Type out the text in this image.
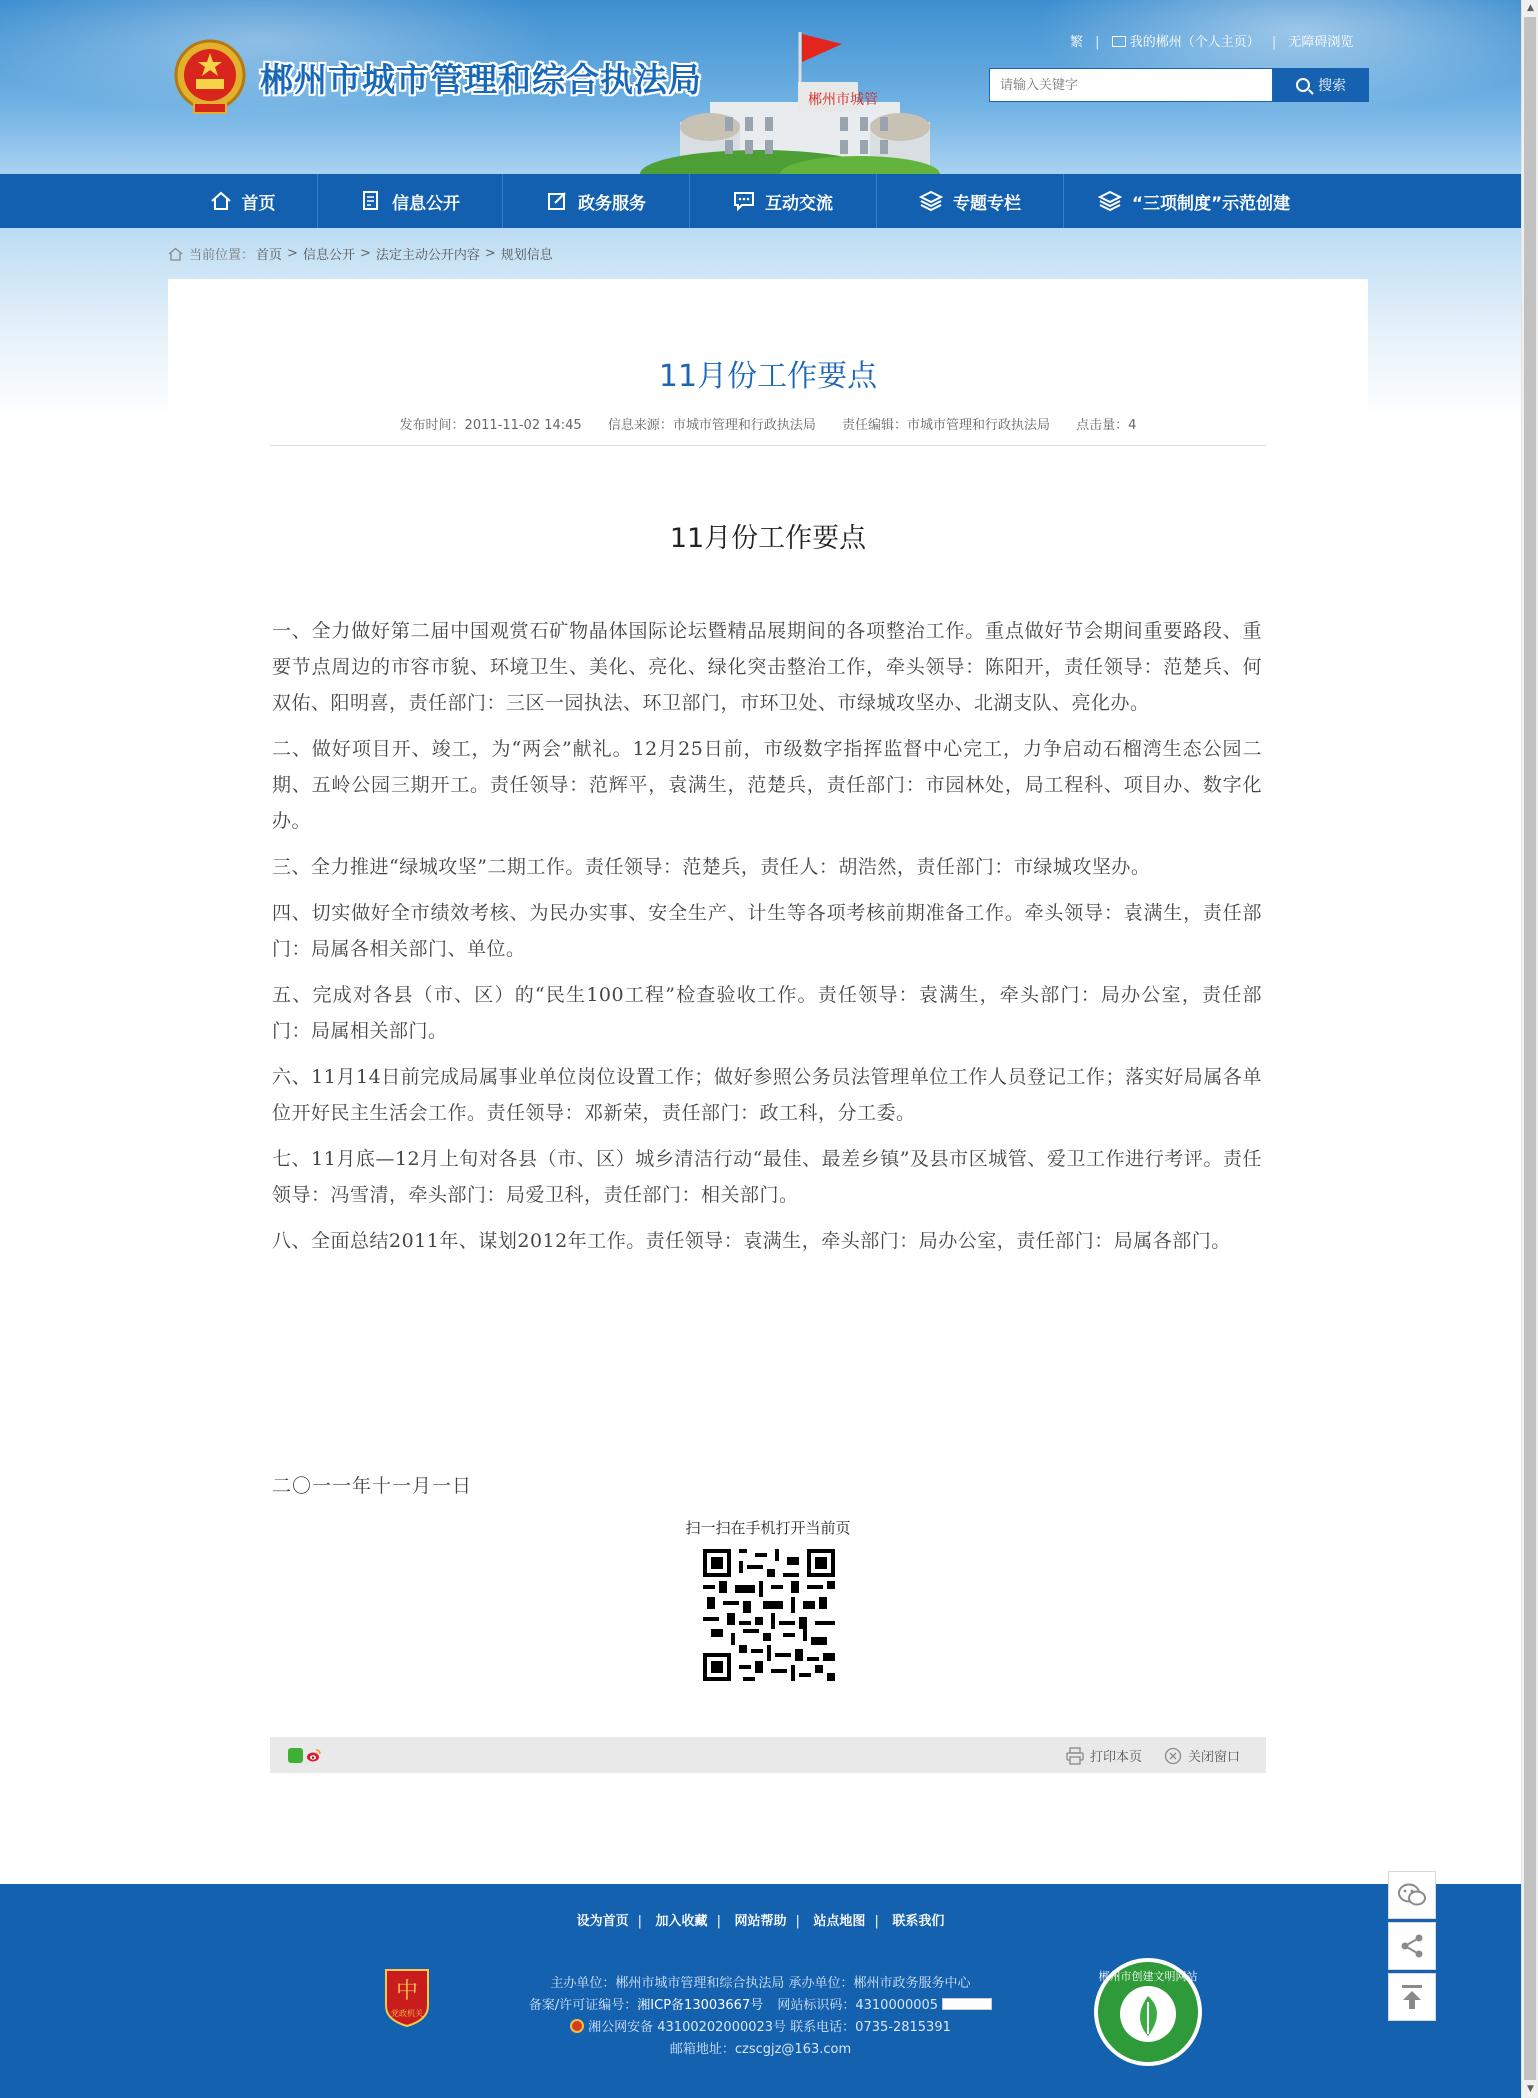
郴州市城市管理和综合执法局
郴州市城管
繁 | 我的郴州（个人主页） | 无障碍浏览
请输入关键字
搜索
首页	信息公开	政务服务	互动交流	专题专栏	“三项制度”示范创建
当前位置： 首页 > 信息公开 > 法定主动公开内容 > 规划信息
11月份工作要点
发布时间：2011-11-02 14:45 信息来源：市城市管理和行政执法局 责任编辑：市城市管理和行政执法局 点击量：4
11月份工作要点

一、全力做好第二届中国观赏石矿物晶体国际论坛暨精品展期间的各项整治工作。重点做好节会期间重要路段、重要节点周边的市容市貌、环境卫生、美化、亮化、绿化突击整治工作，牵头领导：陈阳开，责任领导：范楚兵、何双佑、阳明喜，责任部门：三区一园执法、环卫部门，市环卫处、市绿城攻坚办、北湖支队、亮化办。

二、做好项目开、竣工，为“两会”献礼。12月25日前，市级数字指挥监督中心完工，力争启动石榴湾生态公园二期、五岭公园三期开工。责任领导：范辉平，袁满生，范楚兵，责任部门：市园林处，局工程科、项目办、数字化办。

三、全力推进“绿城攻坚”二期工作。责任领导：范楚兵，责任人：胡浩然，责任部门：市绿城攻坚办。

四、切实做好全市绩效考核、为民办实事、安全生产、计生等各项考核前期准备工作。牵头领导：袁满生，责任部门：局属各相关部门、单位。

五、完成对各县（市、区）的“民生100工程”检查验收工作。责任领导：袁满生，牵头部门：局办公室，责任部门：局属相关部门。

六、11月14日前完成局属事业单位岗位设置工作；做好参照公务员法管理单位工作人员登记工作；落实好局属各单位开好民主生活会工作。责任领导：邓新荣，责任部门：政工科，分工委。

七、11月底—12月上旬对各县（市、区）城乡清洁行动“最佳、最差乡镇”及县市区城管、爱卫工作进行考评。责任领导：冯雪清，牵头部门：局爱卫科，责任部门：相关部门。

八、全面总结2011年、谋划2012年工作。责任领导：袁满生，牵头部门：局办公室，责任部门：局属各部门。

二〇一一年十一月一日
扫一扫在手机打开当前页
打印本页	关闭窗口
设为首页 | 加入收藏 | 网站帮助 | 站点地图 | 联系我们
中
党政机关
主办单位：郴州市城市管理和综合执法局 承办单位：郴州市政务服务中心
备案/许可证编号：湘ICP备13003667号 网站标识码：4310000005
湘公网安备 43100202000023号 联系电话：0735-2815391
邮箱地址：czscgjz@163.com
郴州市创建文明网站
▲
▼
